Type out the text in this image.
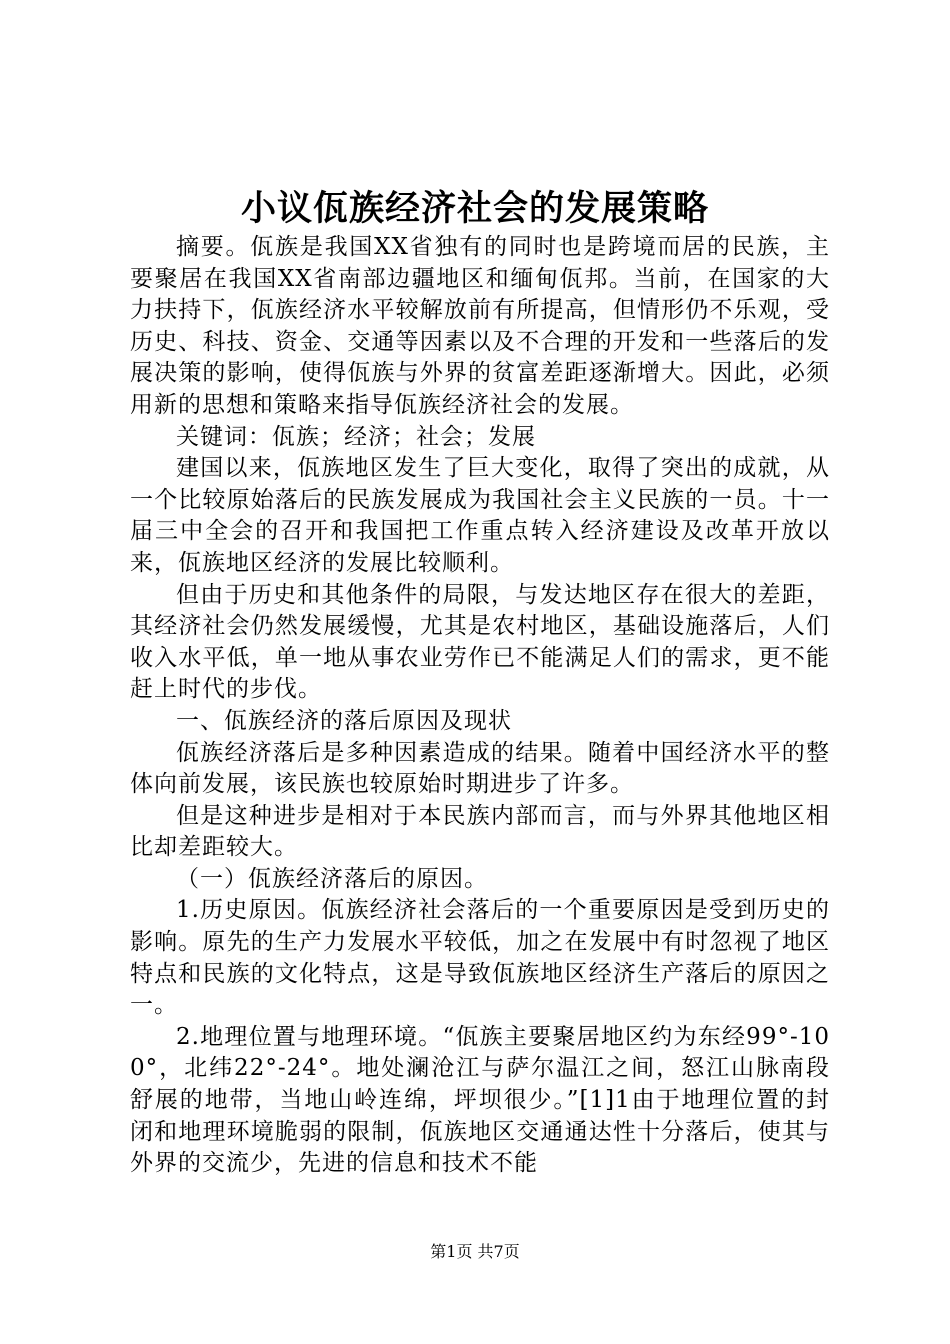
小议佤族经济社会的发展策略

摘要。佤族是我国XX省独有的同时也是跨境而居的民族，主要聚居在我国XX省南部边疆地区和缅甸佤邦。当前，在国家的大力扶持下，佤族经济水平较解放前有所提高，但情形仍不乐观，受历史、科技、资金、交通等因素以及不合理的开发和一些落后的发展决策的影响，使得佤族与外界的贫富差距逐渐增大。因此，必须用新的思想和策略来指导佤族经济社会的发展。

关键词：佤族；经济；社会；发展

建国以来，佤族地区发生了巨大变化，取得了突出的成就，从一个比较原始落后的民族发展成为我国社会主义民族的一员。十一届三中全会的召开和我国把工作重点转入经济建设及改革开放以来，佤族地区经济的发展比较顺利。

但由于历史和其他条件的局限，与发达地区存在很大的差距，其经济社会仍然发展缓慢，尤其是农村地区，基础设施落后，人们收入水平低，单一地从事农业劳作已不能满足人们的需求，更不能赶上时代的步伐。

一、佤族经济的落后原因及现状

佤族经济落后是多种因素造成的结果。随着中国经济水平的整体向前发展，该民族也较原始时期进步了许多。

但是这种进步是相对于本民族内部而言，而与外界其他地区相比却差距较大。

（一）佤族经济落后的原因。

1.历史原因。佤族经济社会落后的一个重要原因是受到历史的影响。原先的生产力发展水平较低，加之在发展中有时忽视了地区特点和民族的文化特点，这是导致佤族地区经济生产落后的原因之一。

2.地理位置与地理环境。“佤族主要聚居地区约为东经99°-100°，北纬22°-24°。地处澜沧江与萨尔温江之间，怒江山脉南段舒展的地带，当地山岭连绵，坪坝很少。”[1]1由于地理位置的封闭和地理环境脆弱的限制，佤族地区交通通达性十分落后，使其与外界的交流少，先进的信息和技术不能

第1页 共7页
